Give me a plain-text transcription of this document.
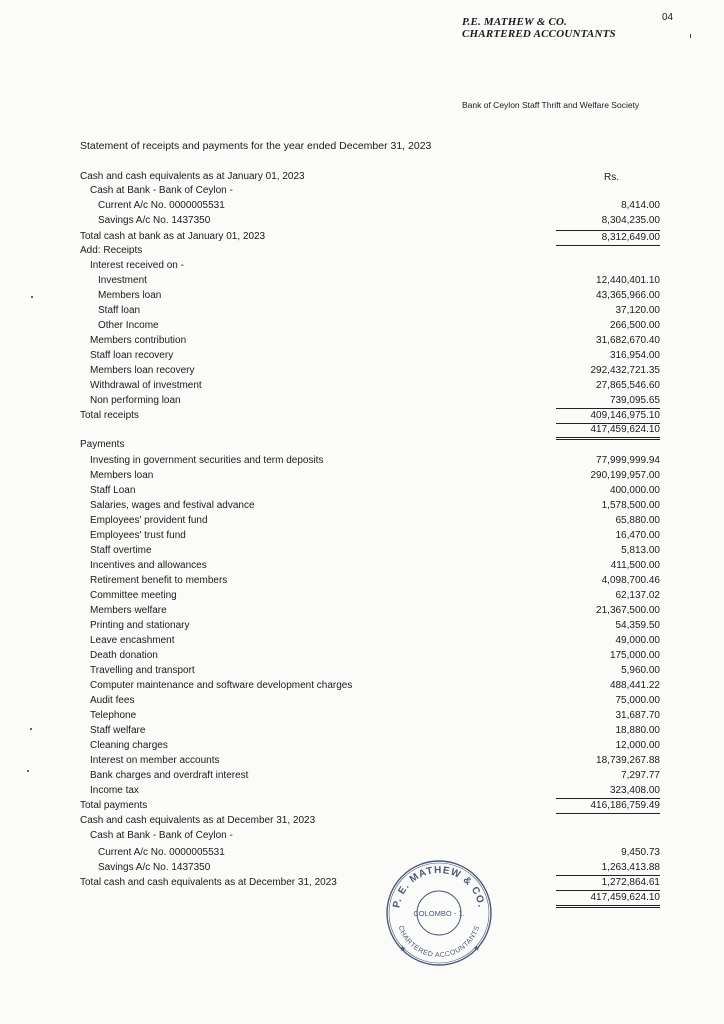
P.E. MATHEW & CO.
CHARTERED ACCOUNTANTS
04
Bank of Ceylon Staff Thrift and Welfare Society
Statement of receipts and payments for the year ended December 31, 2023
Rs.
Cash and cash equivalents as at January 01, 2023
Cash at Bank - Bank of Ceylon -
Current A/c No. 0000005531	8,414.00
Savings A/c No. 1437350	8,304,235.00
Total cash at bank as at January 01, 2023	8,312,649.00
Add: Receipts
Interest received on -
Investment	12,440,401.10
Members loan	43,365,966.00
Staff loan	37,120.00
Other Income	266,500.00
Members contribution	31,682,670.40
Staff loan recovery	316,954.00
Members loan recovery	292,432,721.35
Withdrawal of investment	27,865,546.60
Non performing loan	739,095.65
Total receipts	409,146,975.10
417,459,624.10
Payments
Investing in government securities and term deposits	77,999,999.94
Members loan	290,199,957.00
Staff Loan	400,000.00
Salaries, wages and festival advance	1,578,500.00
Employees' provident fund	65,880.00
Employees' trust fund	16,470.00
Staff overtime	5,813.00
Incentives and allowances	411,500.00
Retirement benefit to members	4,098,700.46
Committee meeting	62,137.02
Members welfare	21,367,500.00
Printing and stationary	54,359.50
Leave encashment	49,000.00
Death donation	175,000.00
Travelling and transport	5,960.00
Computer maintenance and software development charges	488,441.22
Audit fees	75,000.00
Telephone	31,687.70
Staff welfare	18,880.00
Cleaning charges	12,000.00
Interest on member accounts	18,739,267.88
Bank charges and overdraft interest	7,297.77
Income tax	323,408.00
Total payments	416,186,759.49
Cash and cash equivalents as at December 31, 2023
Cash at Bank - Bank of Ceylon -
Current A/c No. 0000005531	9,450.73
Savings A/c No. 1437350	1,263,413.88
Total cash and cash equivalents as at December 31, 2023	1,272,864.61
417,459,624.10
P. E. MATHEW & CO.
CHARTERED ACCOUNTANTS
COLOMBO - 1.
★	★
